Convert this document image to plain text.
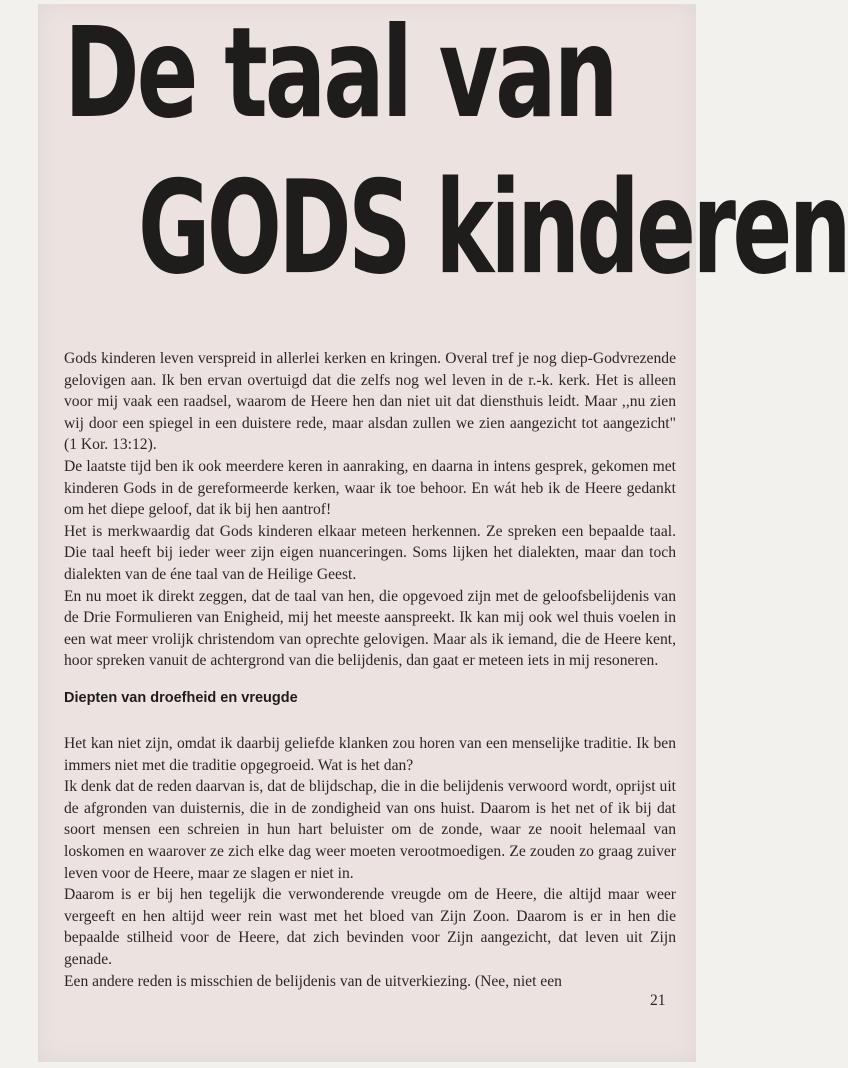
De taal van
GODS kinderen

Gods kinderen leven verspreid in allerlei kerken en kringen. Overal tref je nog diep-Godvrezende gelovigen aan. Ik ben ervan overtuigd dat die zelfs nog wel leven in de r.-k. kerk. Het is alleen voor mij vaak een raadsel, waarom de Heere hen dan niet uit dat diensthuis leidt. Maar ,,nu zien wij door een spiegel in een duistere rede, maar alsdan zullen we zien aangezicht tot aangezicht" (1 Kor. 13:12).

De laatste tijd ben ik ook meerdere keren in aanraking, en daarna in intens gesprek, gekomen met kinderen Gods in de gereformeerde kerken, waar ik toe behoor. En wát heb ik de Heere gedankt om het diepe geloof, dat ik bij hen aantrof!

Het is merkwaardig dat Gods kinderen elkaar meteen herkennen. Ze spreken een bepaalde taal. Die taal heeft bij ieder weer zijn eigen nuanceringen. Soms lijken het dialekten, maar dan toch dialekten van de éne taal van de Heilige Geest.

En nu moet ik direkt zeggen, dat de taal van hen, die opgevoed zijn met de geloofsbelijdenis van de Drie Formulieren van Enigheid, mij het meeste aanspreekt. Ik kan mij ook wel thuis voelen in een wat meer vrolijk christendom van oprechte gelovigen. Maar als ik iemand, die de Heere kent, hoor spreken vanuit de achtergrond van die belijdenis, dan gaat er meteen iets in mij resoneren.

Diepten van droefheid en vreugde

Het kan niet zijn, omdat ik daarbij geliefde klanken zou horen van een menselijke traditie. Ik ben immers niet met die traditie opgegroeid. Wat is het dan?

Ik denk dat de reden daarvan is, dat de blijdschap, die in die belijdenis verwoord wordt, oprijst uit de afgronden van duisternis, die in de zondigheid van ons huist. Daarom is het net of ik bij dat soort mensen een schreien in hun hart beluister om de zonde, waar ze nooit helemaal van loskomen en waarover ze zich elke dag weer moeten verootmoedigen. Ze zouden zo graag zuiver leven voor de Heere, maar ze slagen er niet in.

Daarom is er bij hen tegelijk die verwonderende vreugde om de Heere, die altijd maar weer vergeeft en hen altijd weer rein wast met het bloed van Zijn Zoon. Daarom is er in hen die bepaalde stilheid voor de Heere, dat zich bevinden voor Zijn aangezicht, dat leven uit Zijn genade.

Een andere reden is misschien de belijdenis van de uitverkiezing. (Nee, niet een

21
